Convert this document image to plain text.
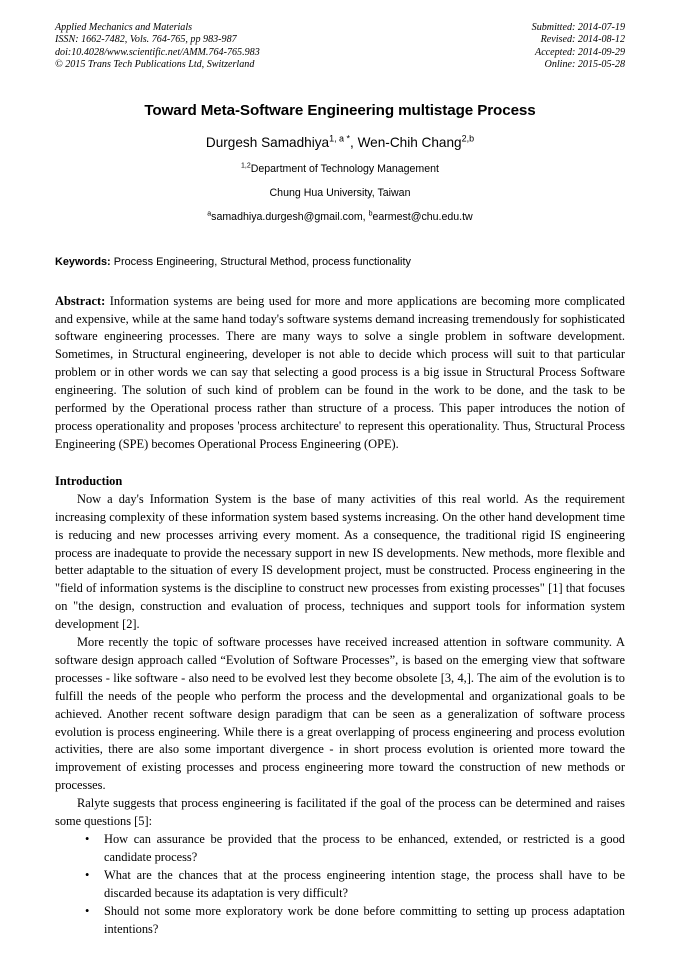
Applied Mechanics and Materials
ISSN: 1662-7482, Vols. 764-765, pp 983-987
doi:10.4028/www.scientific.net/AMM.764-765.983
© 2015 Trans Tech Publications Ltd, Switzerland
Submitted: 2014-07-19
Revised: 2014-08-12
Accepted: 2014-09-29
Online: 2015-05-28
Toward Meta-Software Engineering multistage Process
Durgesh Samadhiya$^{1, a *}$, Wen-Chih Chang$^{2,b}$
$^{1,2}$Department of Technology Management
Chung Hua University, Taiwan
$^a$samadhiya.durgesh@gmail.com, $^b$earmest@chu.edu.tw
Keywords: Process Engineering, Structural Method, process functionality
Abstract: Information systems are being used for more and more applications are becoming more complicated and expensive, while at the same hand today's software systems demand increasing tremendously for sophisticated software engineering processes. There are many ways to solve a single problem in software development. Sometimes, in Structural engineering, developer is not able to decide which process will suit to that particular problem or in other words we can say that selecting a good process is a big issue in Structural Process Software engineering. The solution of such kind of problem can be found in the work to be done, and the task to be performed by the Operational process rather than structure of a process. This paper introduces the notion of process operationality and proposes 'process architecture' to represent this operationality. Thus, Structural Process Engineering (SPE) becomes Operational Process Engineering (OPE).
Introduction

Now a day's Information System is the base of many activities of this real world. As the requirement increasing complexity of these information system based systems increasing. On the other hand development time is reducing and new processes arriving every moment. As a consequence, the traditional rigid IS engineering process are inadequate to provide the necessary support in new IS developments. New methods, more flexible and better adaptable to the situation of every IS development project, must be constructed. Process engineering in the "field of information systems is the discipline to construct new processes from existing processes" [1] that focuses on "the design, construction and evaluation of process, techniques and support tools for information system development [2].

More recently the topic of software processes have received increased attention in software community. A software design approach called “Evolution of Software Processes”, is based on the emerging view that software processes - like software - also need to be evolved lest they become obsolete [3, 4,]. The aim of the evolution is to fulfill the needs of the people who perform the process and the developmental and organizational goals to be achieved. Another recent software design paradigm that can be seen as a generalization of software process evolution is process engineering. While there is a great overlapping of process engineering and process evolution activities, there are also some important divergence - in short process evolution is oriented more toward the improvement of existing processes and process engineering more toward the construction of new methods or processes.

Ralyte suggests that process engineering is facilitated if the goal of the process can be determined and raises some questions [5]:

• How can assurance be provided that the process to be enhanced, extended, or restricted is a good candidate process?
• What are the chances that at the process engineering intention stage, the process shall have to be discarded because its adaptation is very difficult?
• Should not some more exploratory work be done before committing to setting up process adaptation intentions?
